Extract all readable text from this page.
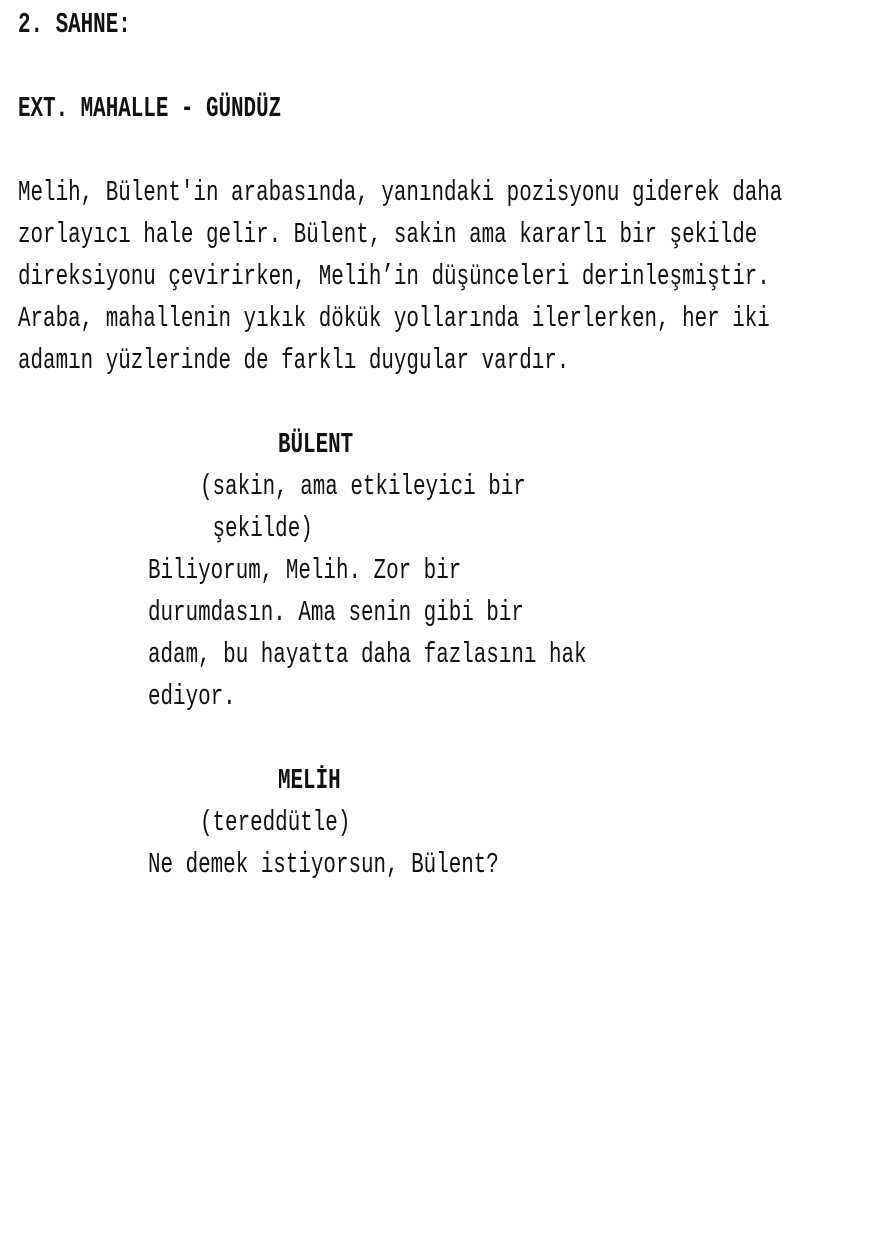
2. SAHNE:
EXT. MAHALLE - GÜNDÜZ
Melih, Bülent'in arabasında, yanındaki pozisyonu giderek daha
zorlayıcı hale gelir. Bülent, sakin ama kararlı bir şekilde
direksiyonu çevirirken, Melih’in düşünceleri derinleşmiştir.
Araba, mahallenin yıkık dökük yollarında ilerlerken, her iki
adamın yüzlerinde de farklı duygular vardır.
BÜLENT
(sakin, ama etkileyici bir
şekilde)
Biliyorum, Melih. Zor bir
durumdasın. Ama senin gibi bir
adam, bu hayatta daha fazlasını hak
ediyor.
MELİH
(tereddütle)
Ne demek istiyorsun, Bülent?
